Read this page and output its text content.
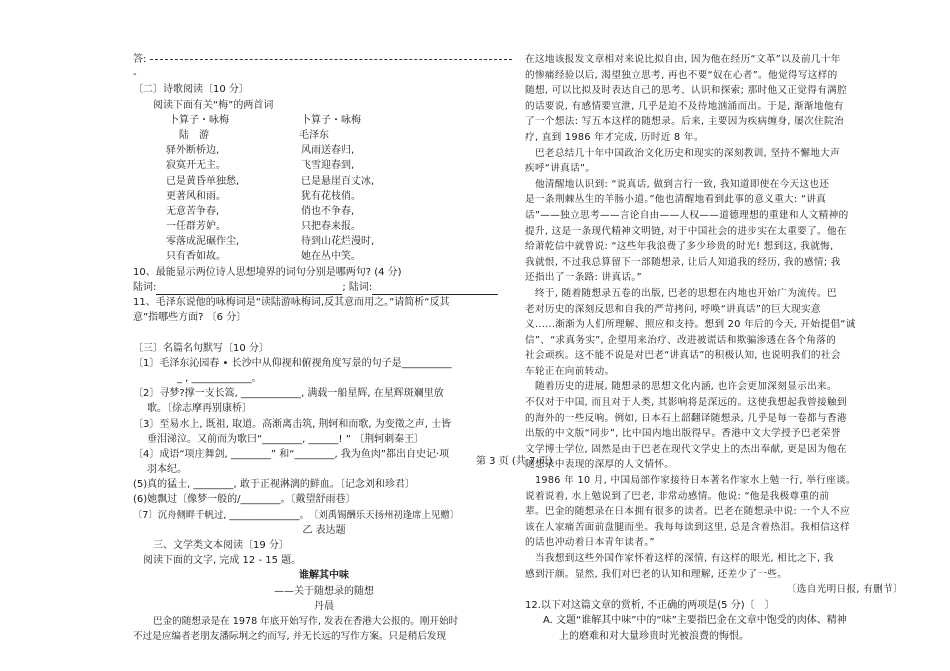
答:
-
〔二〕诗歌阅读〔10 分〕
阅读下面有关“梅”的两首词
卜算子・咏梅	卜算子・咏梅
陆　游	毛泽东
驿外断桥边,	风雨送春归,
寂寞开无主。	飞雪迎春到,
已是黄昏单独愁,	已是悬崖百丈冰,
更著风和雨。	犹有花枝俏。
无意苦争春,	俏也不争春,
一任群芳妒。	只把春来报。
零落成泥碾作尘,	待到山花烂漫时,
只有香如故。	她在丛中笑。
10、最能显示两位诗人思想境界的词句分别是哪两句? (4 分)
陆词:	; 陆词:
11、毛泽东说他的咏梅词是“读陆游咏梅词,反其意而用之。”请简析“反其
意”指哪些方面? 〔6 分〕
〔三〕名篇名句默写〔10 分〕
〔1〕毛泽东沁园春 • 长沙中从仰视和俯视角度写景的句子是__________
_ , ____________。
〔2〕寻梦?撑一支长篙, ____________, 满载一船星辉, 在星辉斑斓里放
歌。〔徐志摩再别康桥〕
〔3〕至易水上, 既祖, 取道。高渐离击筑, 荆轲和而歌, 为变徵之声, 士皆
垂泪涕泣。又前而为歌曰“________, ______! ” 〔荆轲刺秦王〕
〔4〕成语“项庄舞剑, ________” 和“________, 我为鱼肉”都出自史记·项
羽本纪。
(5)真的猛士, ________, 敢于正视淋漓的鲜血。〔记念刘和珍君〕
(6)她飘过〔像梦一般的/________。〔戴望舒雨巷〕
〔7〕沉舟侧畔千帆过, _______________。　〔刘禹锡酬乐天扬州初逢席上见赠〕
乙 表达题
三、文学类文本阅读〔19 分〕
阅读下面的文字, 完成 12 - 15 题。
谁解其中味
——关于随想录的随想
丹晨
巴金的随想录是在 1978 年底开始写作, 发表在香港大公报的。刚开始时
不过是应编者老朋友潘际坰之约而写, 并无长远的写作方案。只是稍后发现
在这地该报发文章相对来说比拟自由, 因为他在经历“文革”以及前几十年
的惨痛经验以后, 渴望独立思考, 再也不要“奴在心者”。他觉得写这样的
随想, 可以比拟及时表达自己的思考、认识和探索; 那时他又正觉得有满腔
的话要说, 有感情要宣泄, 几乎是迫不及待地汹涌而出。于是, 渐渐地他有
了一个想法: 写五本这样的随想录。后来, 主要因为疾病缠身, 屡次住院治
疗, 直到 1986 年才完成, 历时近 8 年。
　巴老总结几十年中国政治文化历史和现实的深刻教训, 坚持不懈地大声
疾呼“讲真话”。
　他清醒地认识到: “说真话, 做到言行一致, 我知道即使在今天这也还
是一条荆棘丛生的羊肠小道。”他也清醒地看到此事的意义重大: “讲真
话”——独立思考——言论自由——人权——道德理想的重建和人文精神的
提升, 这是一条现代精神文明链, 对于中国社会的进步实在太重要了。他在
给萧乾信中就曾说: “这些年我浪费了多少珍贵的时光! 想到这, 我就悔,
我就恨, 不过我总算留下一部随想录, 让后人知道我的经历, 我的感情; 我
还指出了一条路: 讲真话。”
　终于, 随着随想录五卷的出版, 巴老的思想在内地也开始广为流传。巴
老对历史的深刻反思和自我的严苛拷问, 呼唤“讲真话”的巨大现实意
义......渐渐为人们所理解、照应和支持。想到 20 年后的今天, 开始提倡“诚
信”、“求真务实”, 企望用来治疗、改进被谎话和欺骗渗透在各个角落的
社会顽疾。这不能不说是对巴老“讲真话”的积极认知, 也说明我们的社会
车轮正在向前转动。
　随着历史的进展, 随想录的思想文化内涵, 也许会更加深刻显示出来。
不仅对于中国, 而且对于人类, 其影响将是深远的。这使我想起我曾接触到
的海外的一些反响。例如, 日本石上韶翻译随想录, 几乎是每一卷都与香港
出版的中文版“同步”, 比中国内地出版得早。香港中文大学授予巴老荣誉
文学博士学位, 固然是由于巴老在现代文学史上的杰出奉献, 更是因为他在
随想录中表现的深厚的人文情怀。
　1986 年 10 月, 中国局部作家接待日本著名作家水上勉一行, 举行座谈。
说着说着, 水上勉说到了巴老, 非常动感情。他说: “他是我极尊重的前
辈。巴金的随想录在日本拥有很多的读者。巴老在随想录中说: 一个人不应
该在人家痛苦面前盘腿而坐。我每每读到这里, 总是含着热泪。我相信这样
的话也冲动着日本青年读者。”
　当我想到这些外国作家怀着这样的深情, 有这样的眼光, 相比之下, 我
感到汗颜。显然, 我们对巴老的认知和理解, 还差少了一些。
〔选自光明日报, 有删节〕
12.以下对这篇文章的赏析, 不正确的两项是(5 分)〔　〕
A. 文题“谁解其中味”中的“味”主要指巴金在文章中饱受的肉体、精神
上的磨难和对大量珍贵时光被浪费的悔恨。
第 3 页 (共 7 页)
